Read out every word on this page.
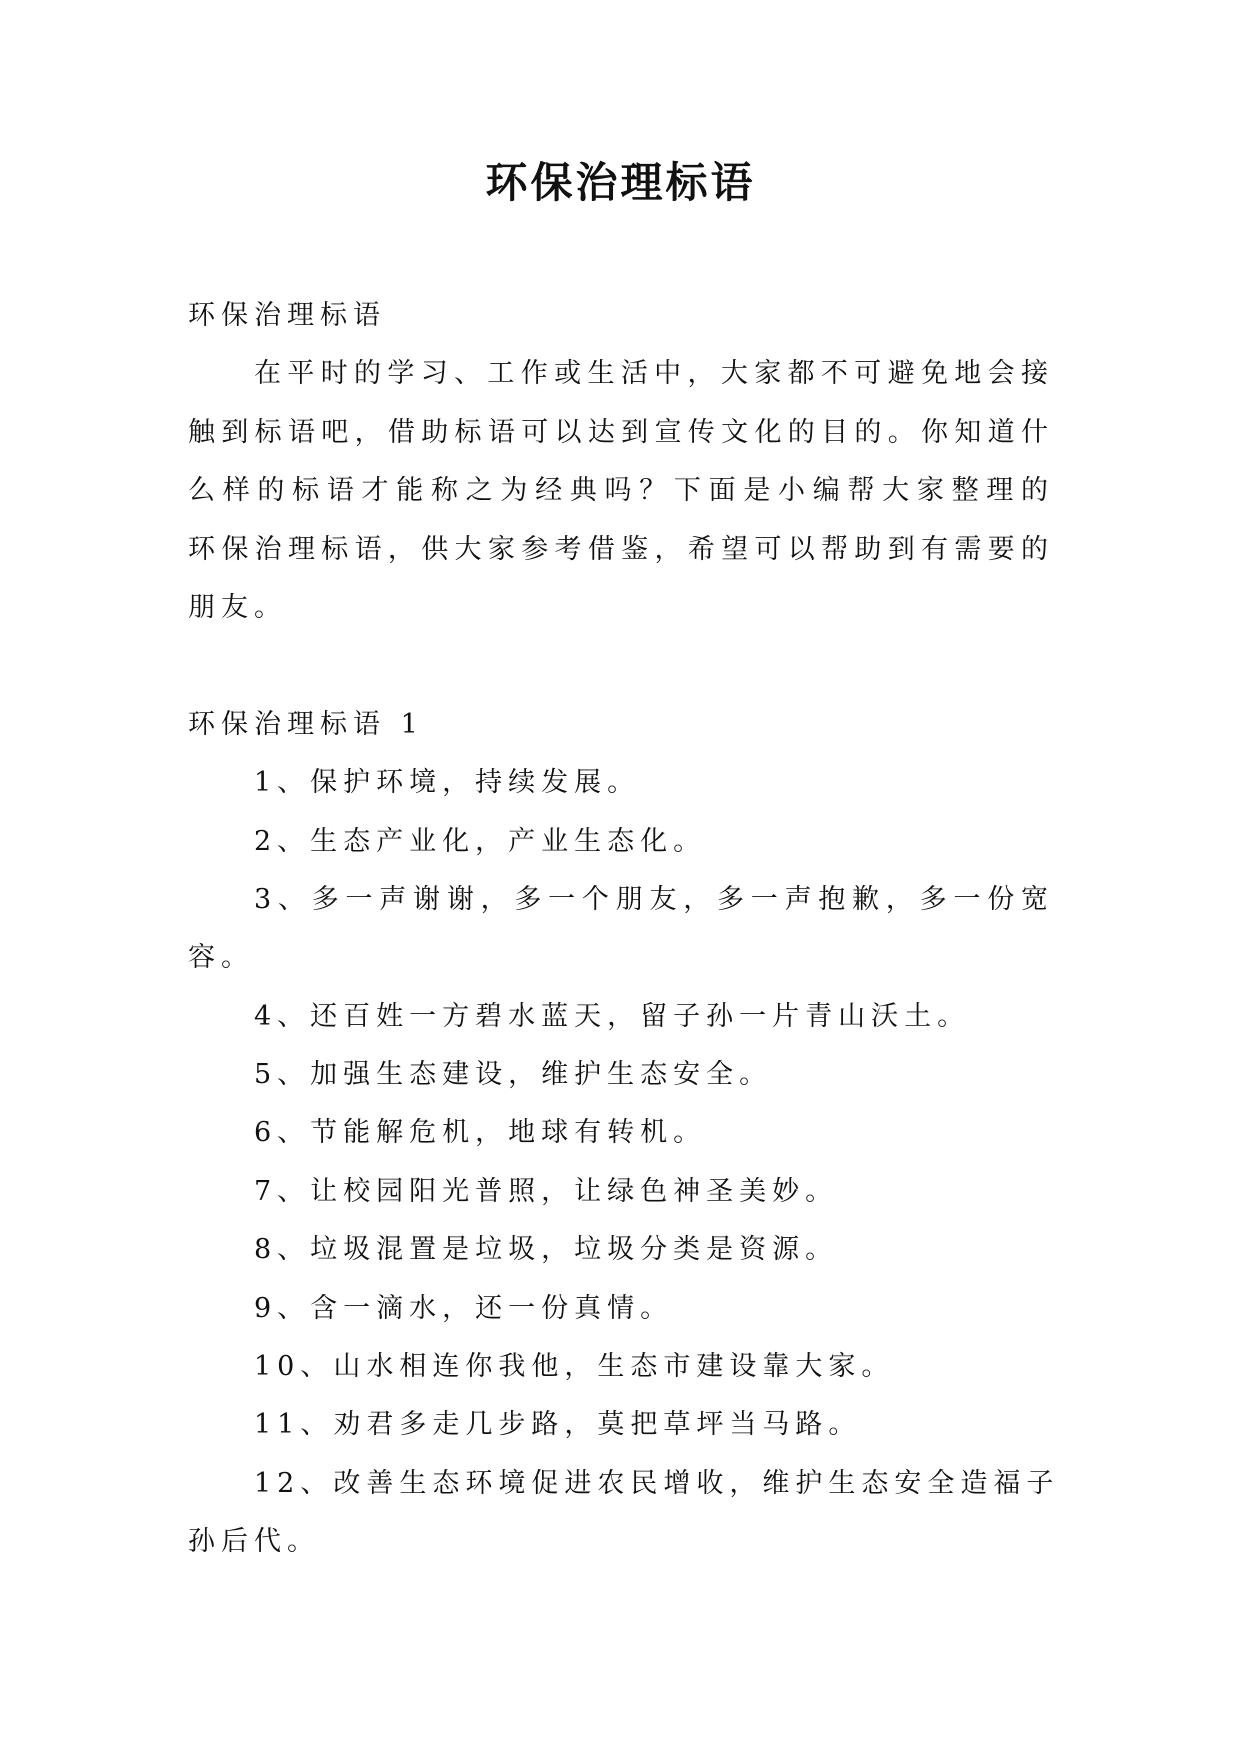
环保治理标语
环保治理标语
在平时的学习、工作或生活中，大家都不可避免地会接
触到标语吧，借助标语可以达到宣传文化的目的。你知道什
么样的标语才能称之为经典吗？下面是小编帮大家整理的
环保治理标语，供大家参考借鉴，希望可以帮助到有需要的
朋友。
环保治理标语 1
1、保护环境，持续发展。
2、生态产业化，产业生态化。
3、多一声谢谢，多一个朋友，多一声抱歉，多一份宽
容。
4、还百姓一方碧水蓝天，留子孙一片青山沃土。
5、加强生态建设，维护生态安全。
6、节能解危机，地球有转机。
7、让校园阳光普照，让绿色神圣美妙。
8、垃圾混置是垃圾，垃圾分类是资源。
9、含一滴水，还一份真情。
10、山水相连你我他，生态市建设靠大家。
11、劝君多走几步路，莫把草坪当马路。
12、改善生态环境促进农民增收，维护生态安全造福子
孙后代。
